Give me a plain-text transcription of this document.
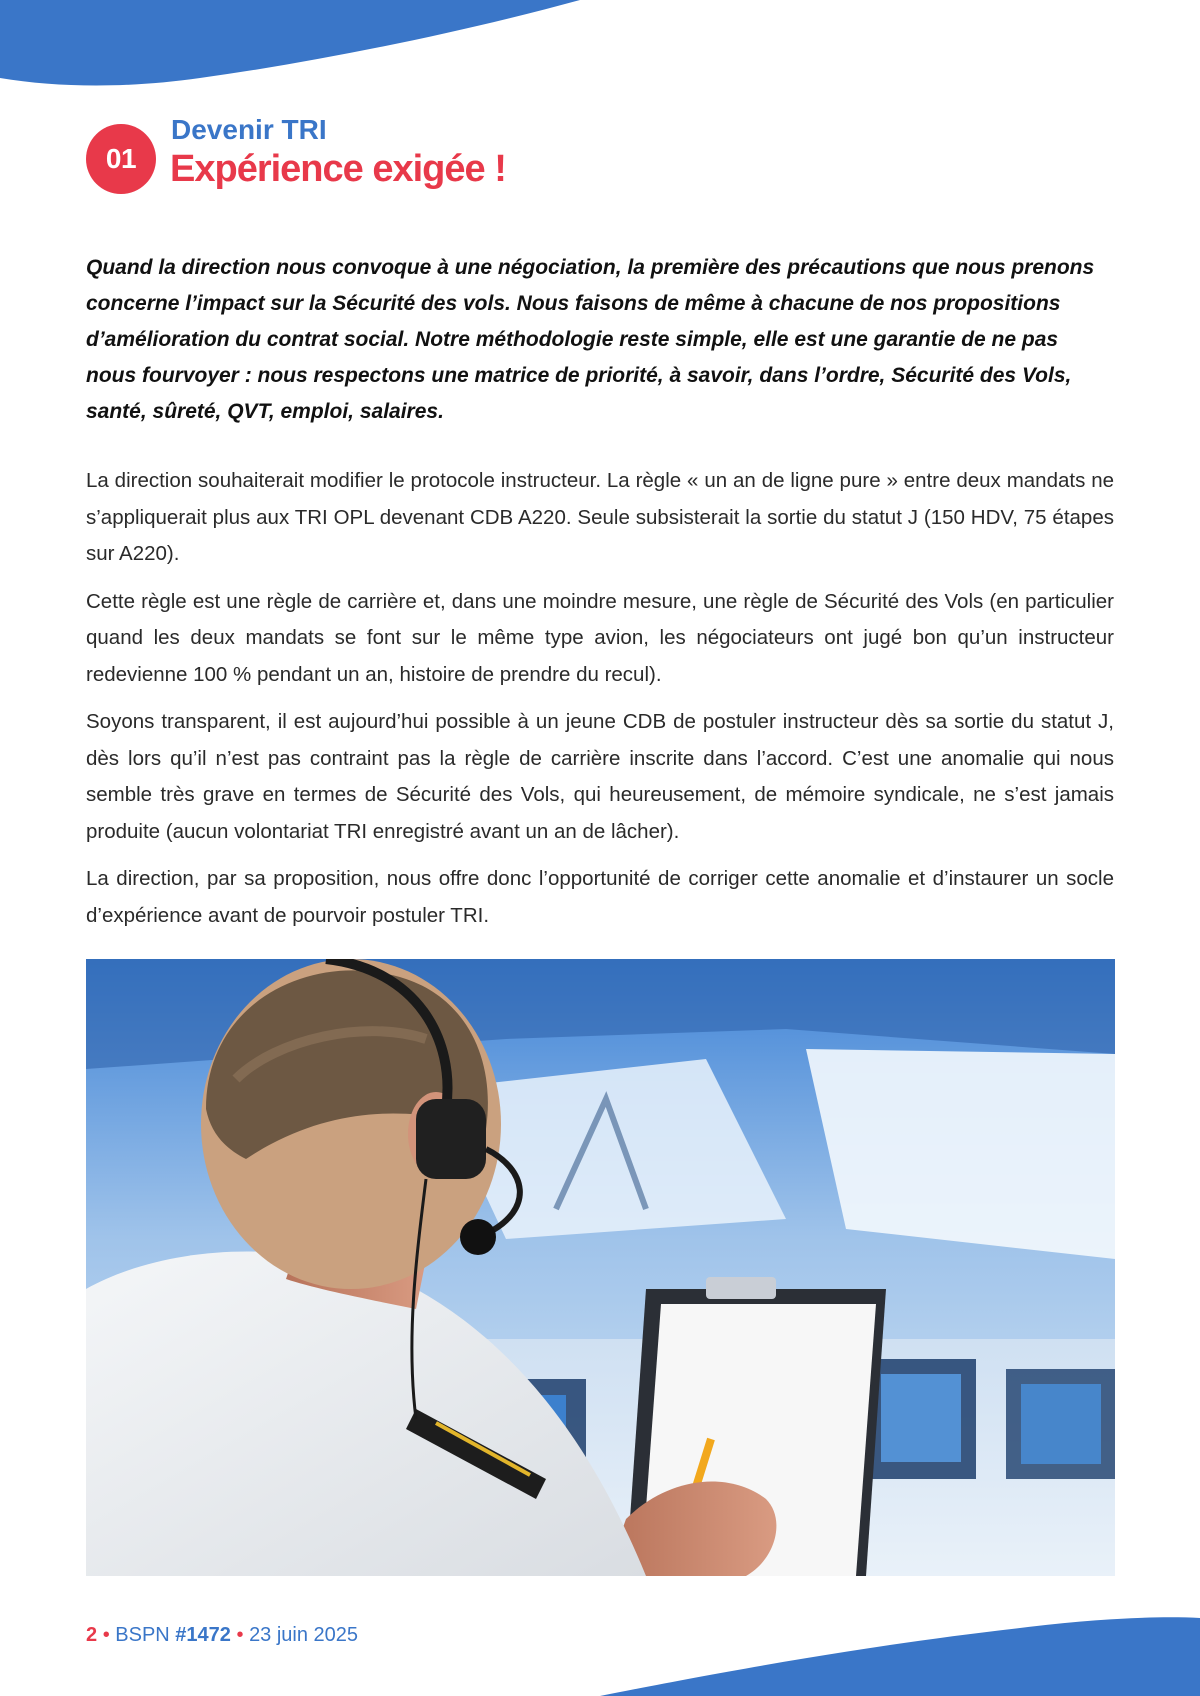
01
Devenir TRI
Expérience exigée !

Quand la direction nous convoque à une négociation, la première des précautions que nous prenons concerne l’impact sur la Sécurité des vols. Nous faisons de même à chacune de nos propositions d’amélioration du contrat social. Notre méthodologie reste simple, elle est une garantie de ne pas nous fourvoyer : nous respectons une matrice de priorité, à savoir, dans l’ordre, Sécurité des Vols, santé, sûreté, QVT, emploi, salaires.

La direction souhaiterait modifier le protocole instructeur. La règle « un an de ligne pure » entre deux mandats ne s’appliquerait plus aux TRI OPL devenant CDB A220. Seule subsisterait la sortie du statut J (150 HDV, 75 étapes sur A220).

Cette règle est une règle de carrière et, dans une moindre mesure, une règle de Sécurité des Vols (en particulier quand les deux mandats se font sur le même type avion, les négociateurs ont jugé bon qu’un instructeur redevienne 100 % pendant un an, histoire de prendre du recul).

Soyons transparent, il est aujourd’hui possible à un jeune CDB de postuler instructeur dès sa sortie du statut J, dès lors qu’il n’est pas contraint pas la règle de carrière inscrite dans l’accord. C’est une anomalie qui nous semble très grave en termes de Sécurité des Vols, qui heureusement, de mémoire syndicale, ne s’est jamais produite (aucun volontariat TRI enregistré avant un an de lâcher).

La direction, par sa proposition, nous offre donc l’opportunité de corriger cette anomalie et d’instaurer un socle d’expérience avant de pourvoir postuler TRI.

2 • BSPN #1472 • 23 juin 2025
